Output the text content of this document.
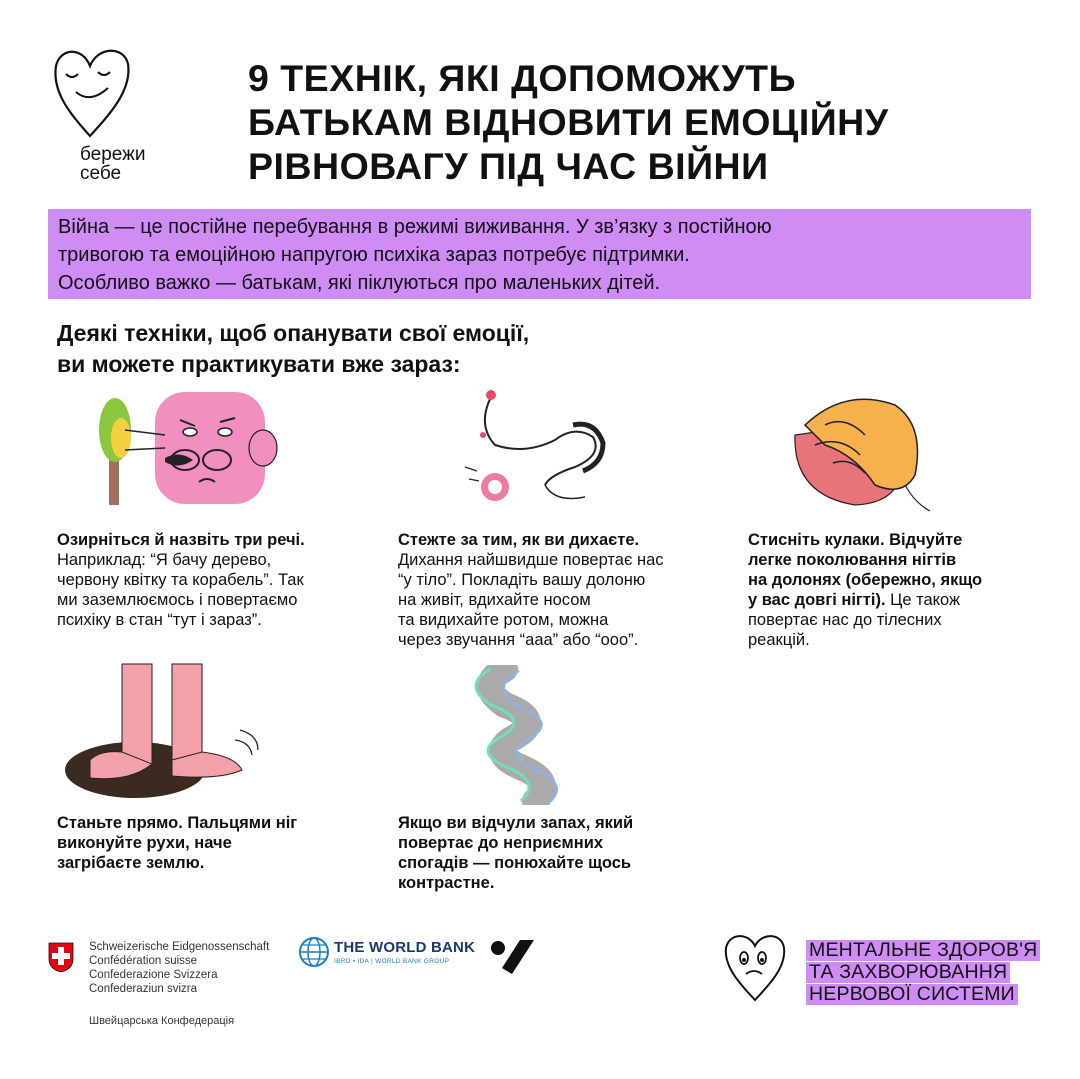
бережи
себе
9 ТЕХНІК, ЯКІ ДОПОМОЖУТЬ
БАТЬКАМ ВІДНОВИТИ ЕМОЦІЙНУ
РІВНОВАГУ ПІД ЧАС ВІЙНИ
Війна — це постійне перебування в режимі виживання. У зв’язку з постійною
тривогою та емоційною напругою психіка зараз потребує підтримки.
Особливо важко — батькам, які піклуються про маленьких дітей.
Деякі техніки, щоб опанувати свої емоції,
ви можете практикувати вже зараз:
Озирніться й назвіть три речі.
Наприклад: “Я бачу дерево,
червону квітку та корабель”. Так
ми заземлюємось і повертаємо
психіку в стан “тут і зараз”.
Стежте за тим, як ви дихаєте.
Дихання найшвидше повертає нас
“у тіло”. Покладіть вашу долоню
на живіт, вдихайте носом
та видихайте ротом, можна
через звучання “ааа” або “ооо”.
Стисніть кулаки. Відчуйте
легке поколювання нігтів
на долонях (обережно, якщо
у вас довгі нігті). Це також
повертає нас до тілесних
реакцій.
Станьте прямо. Пальцями ніг
виконуйте рухи, наче
загрібаєте землю.
Якщо ви відчули запах, який
повертає до неприємних
спогадів — понюхайте щось
контрастне.
Schweizerische Eidgenossenschaft
Confédération suisse
Confederazione Svizzera
Confederaziun svizra
Швейцарська Конфедерація
THE WORLD BANK
IBRD • IDA | WORLD BANK GROUP
МЕНТАЛЬНЕ ЗДОРОВ'Я
ТА ЗАХВОРЮВАННЯ
НЕРВОВОЇ СИСТЕМИ
